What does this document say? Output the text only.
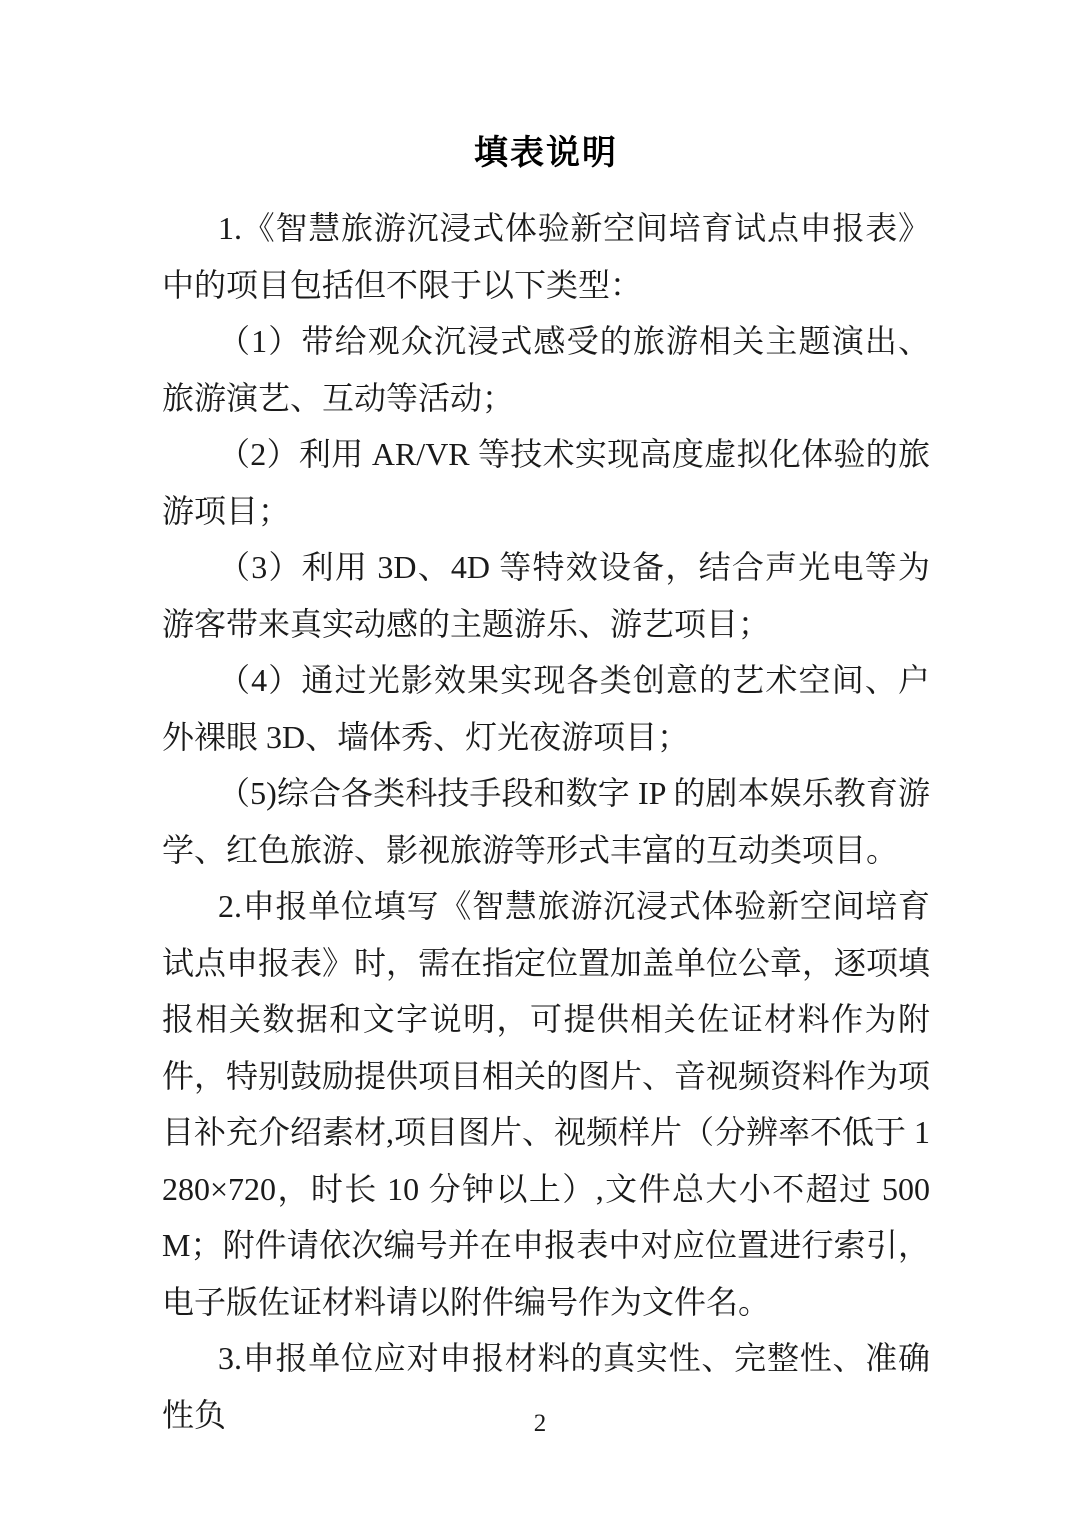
填表说明

1.《智慧旅游沉浸式体验新空间培育试点申报表》中的项目包括但不限于以下类型：

（1）带给观众沉浸式感受的旅游相关主题演出、旅游演艺、互动等活动；

（2）利用 AR/VR 等技术实现高度虚拟化体验的旅游项目；

（3）利用 3D、4D 等特效设备，结合声光电等为游客带来真实动感的主题游乐、游艺项目；

（4）通过光影效果实现各类创意的艺术空间、户外裸眼 3D、墙体秀、灯光夜游项目；

（5)综合各类科技手段和数字 IP 的剧本娱乐教育游学、红色旅游、影视旅游等形式丰富的互动类项目。

2.申报单位填写《智慧旅游沉浸式体验新空间培育试点申报表》时，需在指定位置加盖单位公章，逐项填报相关数据和文字说明，可提供相关佐证材料作为附件，特别鼓励提供项目相关的图片、音视频资料作为项目补充介绍素材,项目图片、视频样片（分辨率不低于 1280×720，时长 10 分钟以上）,文件总大小不超过 500M；附件请依次编号并在申报表中对应位置进行索引，电子版佐证材料请以附件编号作为文件名。

3.申报单位应对申报材料的真实性、完整性、准确性负	2
